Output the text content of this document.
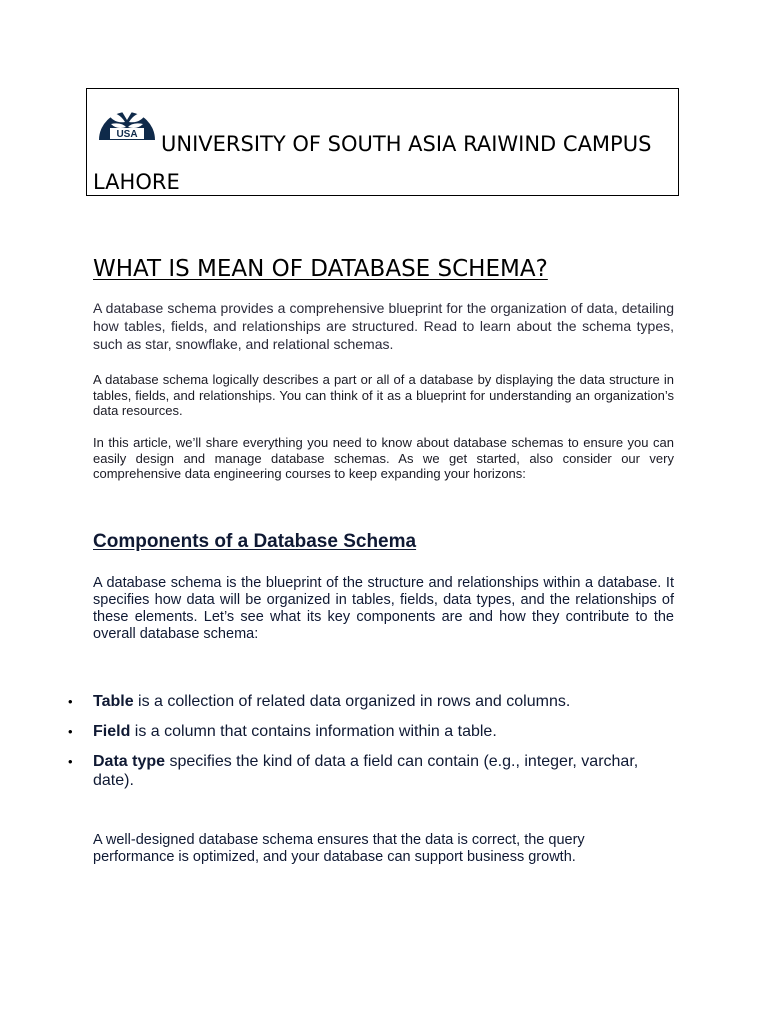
USA	UNIVERSITY OF SOUTH ASIA RAIWIND CAMPUS LAHORE

WHAT IS MEAN OF DATABASE SCHEMA?

A database schema provides a comprehensive blueprint for the organization of data, detailing how tables, fields, and relationships are structured. Read to learn about the schema types, such as star, snowflake, and relational schemas.

A database schema logically describes a part or all of a database by displaying the data structure in tables, fields, and relationships. You can think of it as a blueprint for understanding an organization’s data resources.

In this article, we’ll share everything you need to know about database schemas to ensure you can easily design and manage database schemas. As we get started, also consider our very comprehensive data engineering courses to keep expanding your horizons:

Components of a Database Schema

A database schema is the blueprint of the structure and relationships within a database. It specifies how data will be organized in tables, fields, data types, and the relationships of these elements. Let’s see what its key components are and how they contribute to the overall database schema:

• Table is a collection of related data organized in rows and columns.
• Field is a column that contains information within a table.
• Data type specifies the kind of data a field can contain (e.g., integer, varchar, date).

A well-designed database schema ensures that the data is correct, the query performance is optimized, and your database can support business growth.
